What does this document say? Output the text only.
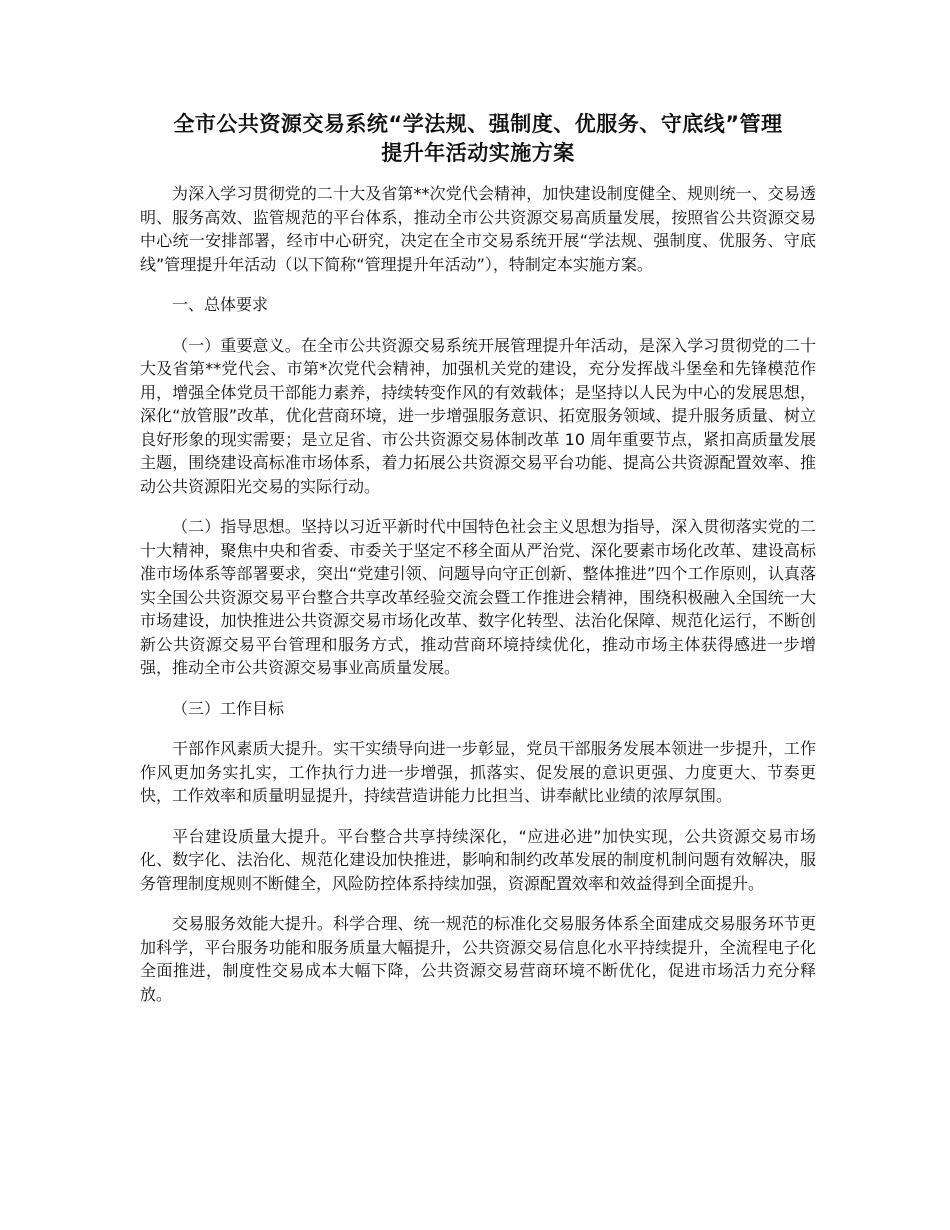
全市公共资源交易系统“学法规、强制度、优服务、守底线”管理
提升年活动实施方案

为深入学习贯彻党的二十大及省第**次党代会精神，加快建设制度健全、规则统一、交易透明、服务高效、监管规范的平台体系，推动全市公共资源交易高质量发展，按照省公共资源交易中心统一安排部署，经市中心研究，决定在全市交易系统开展“学法规、强制度、优服务、守底线”管理提升年活动（以下简称“管理提升年活动”），特制定本实施方案。

一、总体要求

（一）重要意义。在全市公共资源交易系统开展管理提升年活动，是深入学习贯彻党的二十大及省第**党代会、市第*次党代会精神，加强机关党的建设，充分发挥战斗堡垒和先锋模范作用，增强全体党员干部能力素养，持续转变作风的有效载体；是坚持以人民为中心的发展思想，深化“放管服”改革，优化营商环境，进一步增强服务意识、拓宽服务领域、提升服务质量、树立良好形象的现实需要；是立足省、市公共资源交易体制改革 10 周年重要节点，紧扣高质量发展主题，围绕建设高标准市场体系，着力拓展公共资源交易平台功能、提高公共资源配置效率、推动公共资源阳光交易的实际行动。

（二）指导思想。坚持以习近平新时代中国特色社会主义思想为指导，深入贯彻落实党的二十大精神，聚焦中央和省委、市委关于坚定不移全面从严治党、深化要素市场化改革、建设高标准市场体系等部署要求，突出“党建引领、问题导向守正创新、整体推进”四个工作原则，认真落实全国公共资源交易平台整合共享改革经验交流会暨工作推进会精神，围绕积极融入全国统一大市场建设，加快推进公共资源交易市场化改革、数字化转型、法治化保障、规范化运行，不断创新公共资源交易平台管理和服务方式，推动营商环境持续优化，推动市场主体获得感进一步增强，推动全市公共资源交易事业高质量发展。

（三）工作目标

干部作风素质大提升。实干实绩导向进一步彰显，党员干部服务发展本领进一步提升，工作作风更加务实扎实，工作执行力进一步增强，抓落实、促发展的意识更强、力度更大、节奏更快，工作效率和质量明显提升，持续营造讲能力比担当、讲奉献比业绩的浓厚氛围。

平台建设质量大提升。平台整合共享持续深化，“应进必进”加快实现，公共资源交易市场化、数字化、法治化、规范化建设加快推进，影响和制约改革发展的制度机制问题有效解决，服务管理制度规则不断健全，风险防控体系持续加强，资源配置效率和效益得到全面提升。

交易服务效能大提升。科学合理、统一规范的标准化交易服务体系全面建成交易服务环节更加科学，平台服务功能和服务质量大幅提升，公共资源交易信息化水平持续提升，全流程电子化全面推进，制度性交易成本大幅下降，公共资源交易营商环境不断优化，促进市场活力充分释放。
